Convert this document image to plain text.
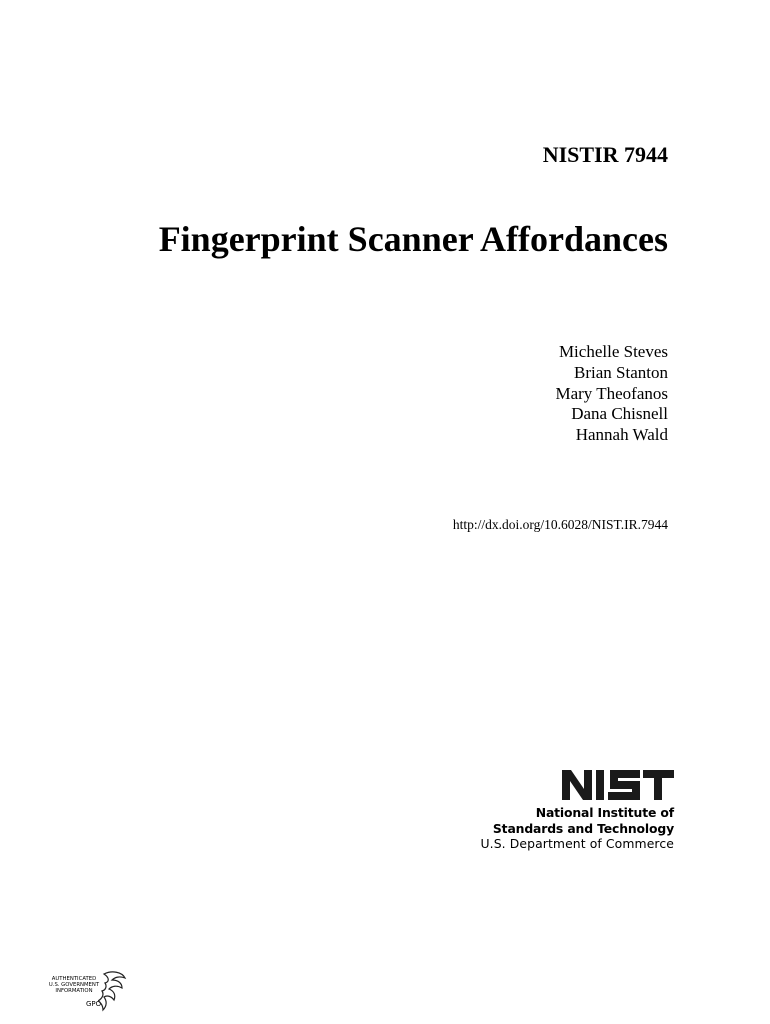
NISTIR 7944
Fingerprint Scanner Affordances
Michelle Steves
Brian Stanton
Mary Theofanos
Dana Chisnell
Hannah Wald
http://dx.doi.org/10.6028/NIST.IR.7944
National Institute of
Standards and Technology
U.S. Department of Commerce
AUTHENTICATED
U.S. GOVERNMENT
INFORMATION
GPO
